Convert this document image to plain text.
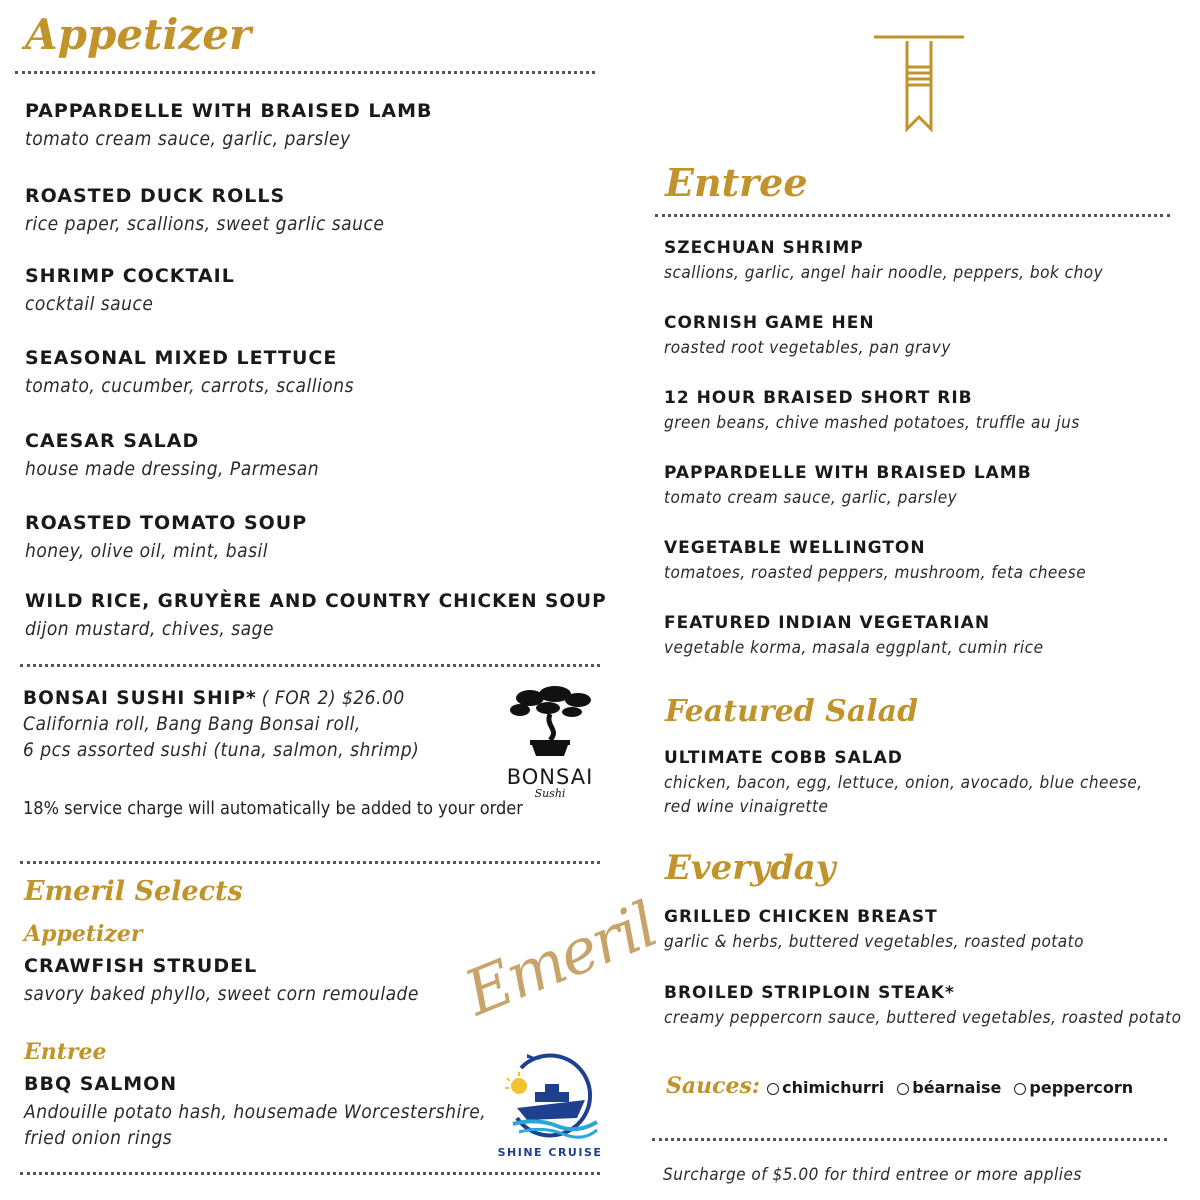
Appetizer
PAPPARDELLE WITH BRAISED LAMB
tomato cream sauce, garlic, parsley
ROASTED DUCK ROLLS
rice paper, scallions, sweet garlic sauce
SHRIMP COCKTAIL
cocktail sauce
SEASONAL MIXED LETTUCE
tomato, cucumber, carrots, scallions
CAESAR SALAD
house made dressing, Parmesan
ROASTED TOMATO SOUP
honey, olive oil, mint, basil
WILD RICE, GRUYÈRE AND COUNTRY CHICKEN SOUP
dijon mustard, chives, sage
BONSAI SUSHI SHIP* ( FOR 2) $26.00
California roll, Bang Bang Bonsai roll,
6 pcs assorted sushi (tuna, salmon, shrimp)
18% service charge will automatically be added to your order
BONSAI
Sushi
Emeril Selects
Appetizer
CRAWFISH STRUDEL
savory baked phyllo, sweet corn remoulade
Entree
BBQ SALMON
Andouille potato hash, housemade Worcestershire,
fried onion rings
Emeril
SHINE CRUISE
Entree
SZECHUAN SHRIMP
scallions, garlic, angel hair noodle, peppers, bok choy
CORNISH GAME HEN
roasted root vegetables, pan gravy
12 HOUR BRAISED SHORT RIB
green beans, chive mashed potatoes, truffle au jus
PAPPARDELLE WITH BRAISED LAMB
tomato cream sauce, garlic, parsley
VEGETABLE WELLINGTON
tomatoes, roasted peppers, mushroom, feta cheese
FEATURED INDIAN VEGETARIAN
vegetable korma, masala eggplant, cumin rice
Featured Salad
ULTIMATE COBB SALAD
chicken, bacon, egg, lettuce, onion, avocado, blue cheese,
red wine vinaigrette
Everyday
GRILLED CHICKEN BREAST
garlic & herbs, buttered vegetables, roasted potato
BROILED STRIPLOIN STEAK*
creamy peppercorn sauce, buttered vegetables, roasted potato
Sauces: chimichurri béarnaise peppercorn
Surcharge of $5.00 for third entree or more applies
